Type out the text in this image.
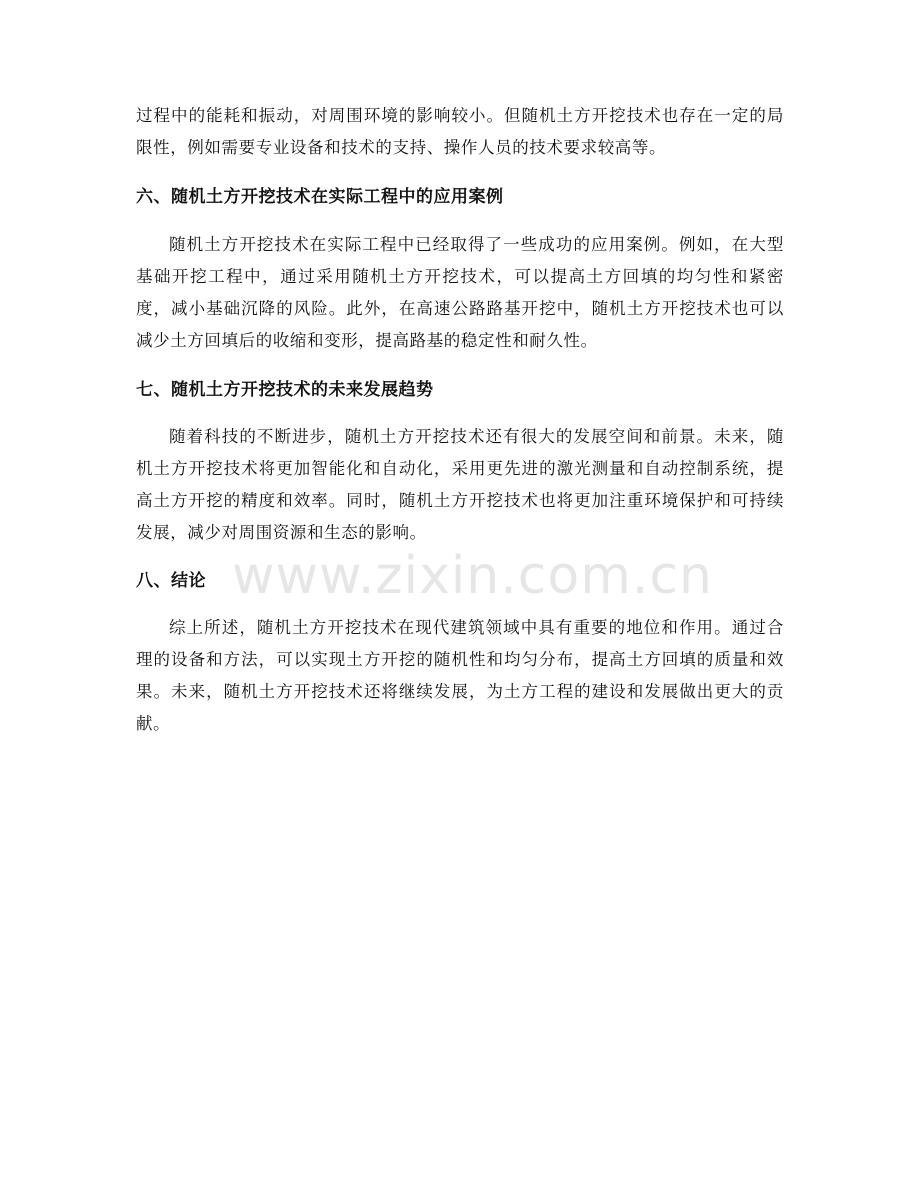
过程中的能耗和振动，对周围环境的影响较小。但随机土方开挖技术也存在一定的局限性，例如需要专业设备和技术的支持、操作人员的技术要求较高等。

六、随机土方开挖技术在实际工程中的应用案例

随机土方开挖技术在实际工程中已经取得了一些成功的应用案例。例如，在大型基础开挖工程中，通过采用随机土方开挖技术，可以提高土方回填的均匀性和紧密度，减小基础沉降的风险。此外，在高速公路路基开挖中，随机土方开挖技术也可以减少土方回填后的收缩和变形，提高路基的稳定性和耐久性。

七、随机土方开挖技术的未来发展趋势

随着科技的不断进步，随机土方开挖技术还有很大的发展空间和前景。未来，随机土方开挖技术将更加智能化和自动化，采用更先进的激光测量和自动控制系统，提高土方开挖的精度和效率。同时，随机土方开挖技术也将更加注重环境保护和可持续发展，减少对周围资源和生态的影响。

八、结论

综上所述，随机土方开挖技术在现代建筑领域中具有重要的地位和作用。通过合理的设备和方法，可以实现土方开挖的随机性和均匀分布，提高土方回填的质量和效果。未来，随机土方开挖技术还将继续发展，为土方工程的建设和发展做出更大的贡献。

www.zixin.com.cn
